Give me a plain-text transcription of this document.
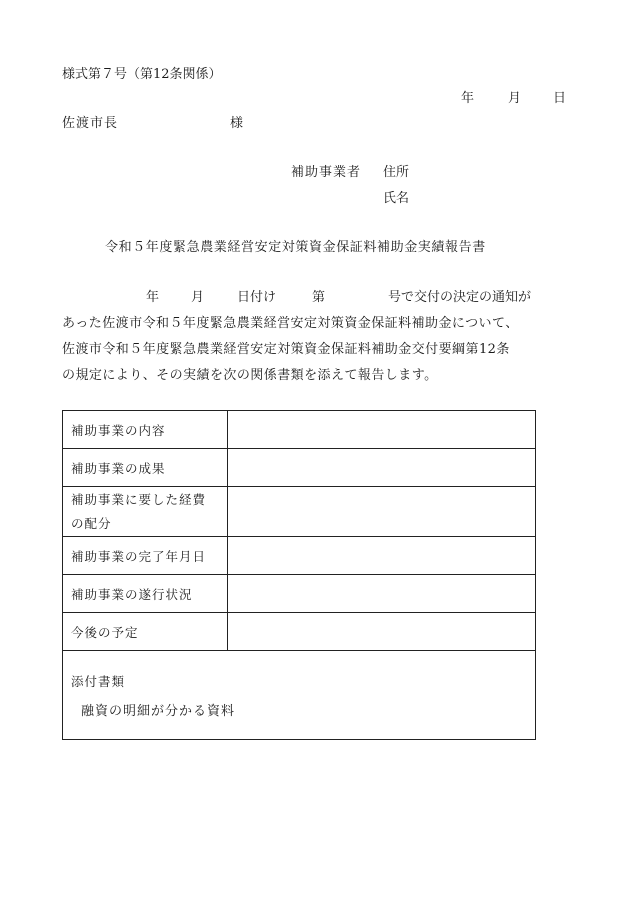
様式第７号（第12条関係）
年	月 日
佐渡市長	様
補助事業者 住所
氏名
令和５年度緊急農業経営安定対策資金保証料補助金実績報告書
年 月	日付け	第	号で交付の決定の通知が
あった佐渡市令和５年度緊急農業経営安定対策資金保証料補助金について、
佐渡市令和５年度緊急農業経営安定対策資金保証料補助金交付要綱第12条
の規定により、その実績を次の関係書類を添えて報告します。
補助事業の内容	
補助事業の成果	

補助事業に要した経費
の配分	

補助事業の完了年月日	
補助事業の遂行状況	
今後の予定	
添付書類
融資の明細が分かる資料	
